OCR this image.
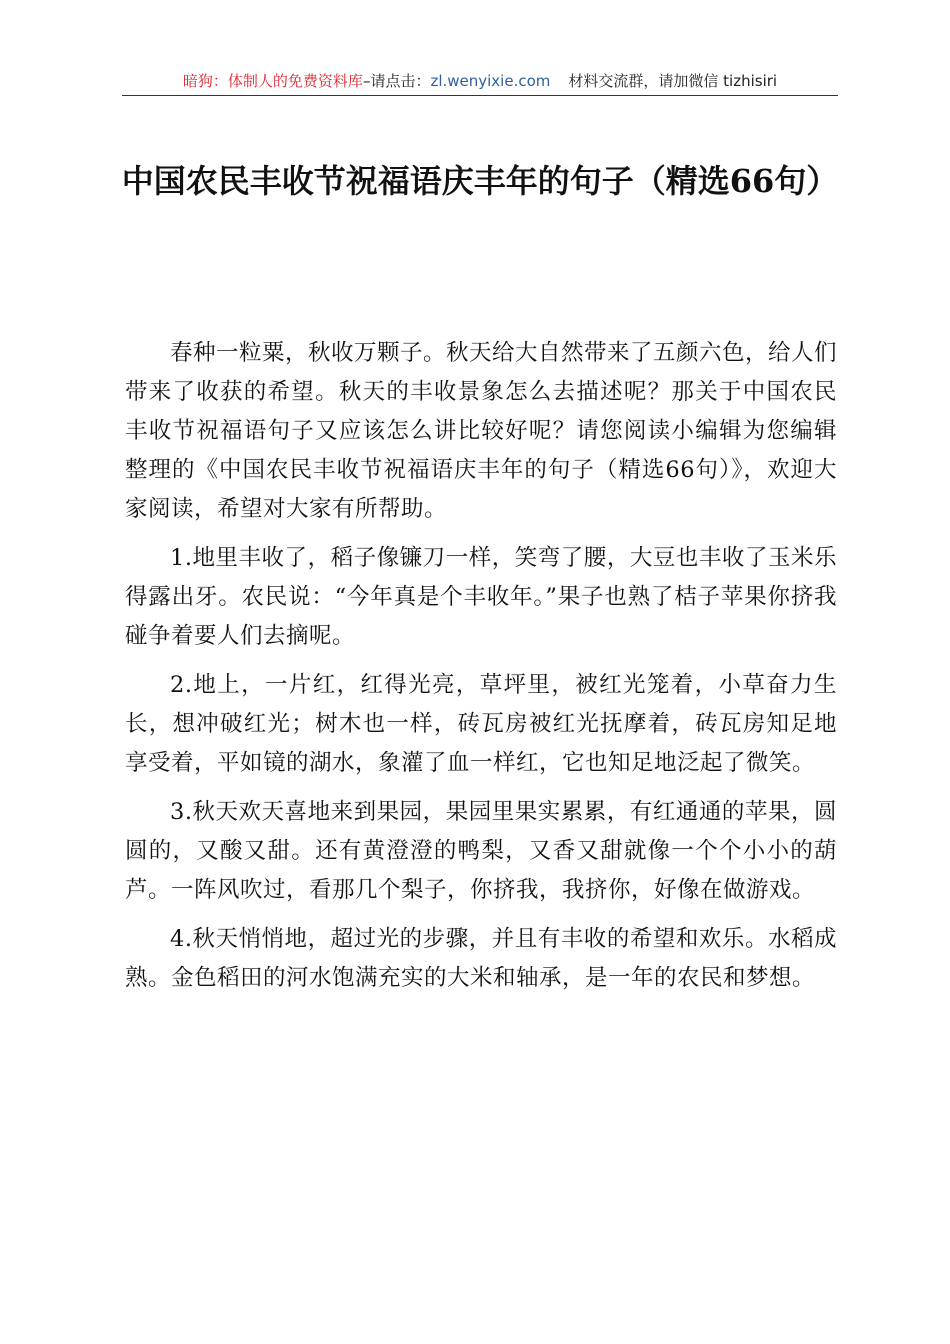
暗狗：体制人的免费资料库–请点击：zl.wenyixie.com 材料交流群，请加微信 tizhisiri
中国农民丰收节祝福语庆丰年的句子（精选66句）

春种一粒粟，秋收万颗子。秋天给大自然带来了五颜六色，给人们带来了收获的希望。秋天的丰收景象怎么去描述呢？那关于中国农民丰收节祝福语句子又应该怎么讲比较好呢？请您阅读小编辑为您编辑整理的《中国农民丰收节祝福语庆丰年的句子（精选66句）》，欢迎大家阅读，希望对大家有所帮助。

1.地里丰收了，稻子像镰刀一样，笑弯了腰，大豆也丰收了玉米乐得露出牙。农民说：“今年真是个丰收年。”果子也熟了桔子苹果你挤我碰争着要人们去摘呢。

2.地上，一片红，红得光亮，草坪里，被红光笼着，小草奋力生长，想冲破红光；树木也一样，砖瓦房被红光抚摩着，砖瓦房知足地享受着，平如镜的湖水，象灌了血一样红，它也知足地泛起了微笑。

3.秋天欢天喜地来到果园，果园里果实累累，有红通通的苹果，圆圆的，又酸又甜。还有黄澄澄的鸭梨，又香又甜就像一个个小小的葫芦。一阵风吹过，看那几个梨子，你挤我，我挤你，好像在做游戏。

4.秋天悄悄地，超过光的步骤，并且有丰收的希望和欢乐。水稻成熟。金色稻田的河水饱满充实的大米和轴承，是一年的农民和梦想。
